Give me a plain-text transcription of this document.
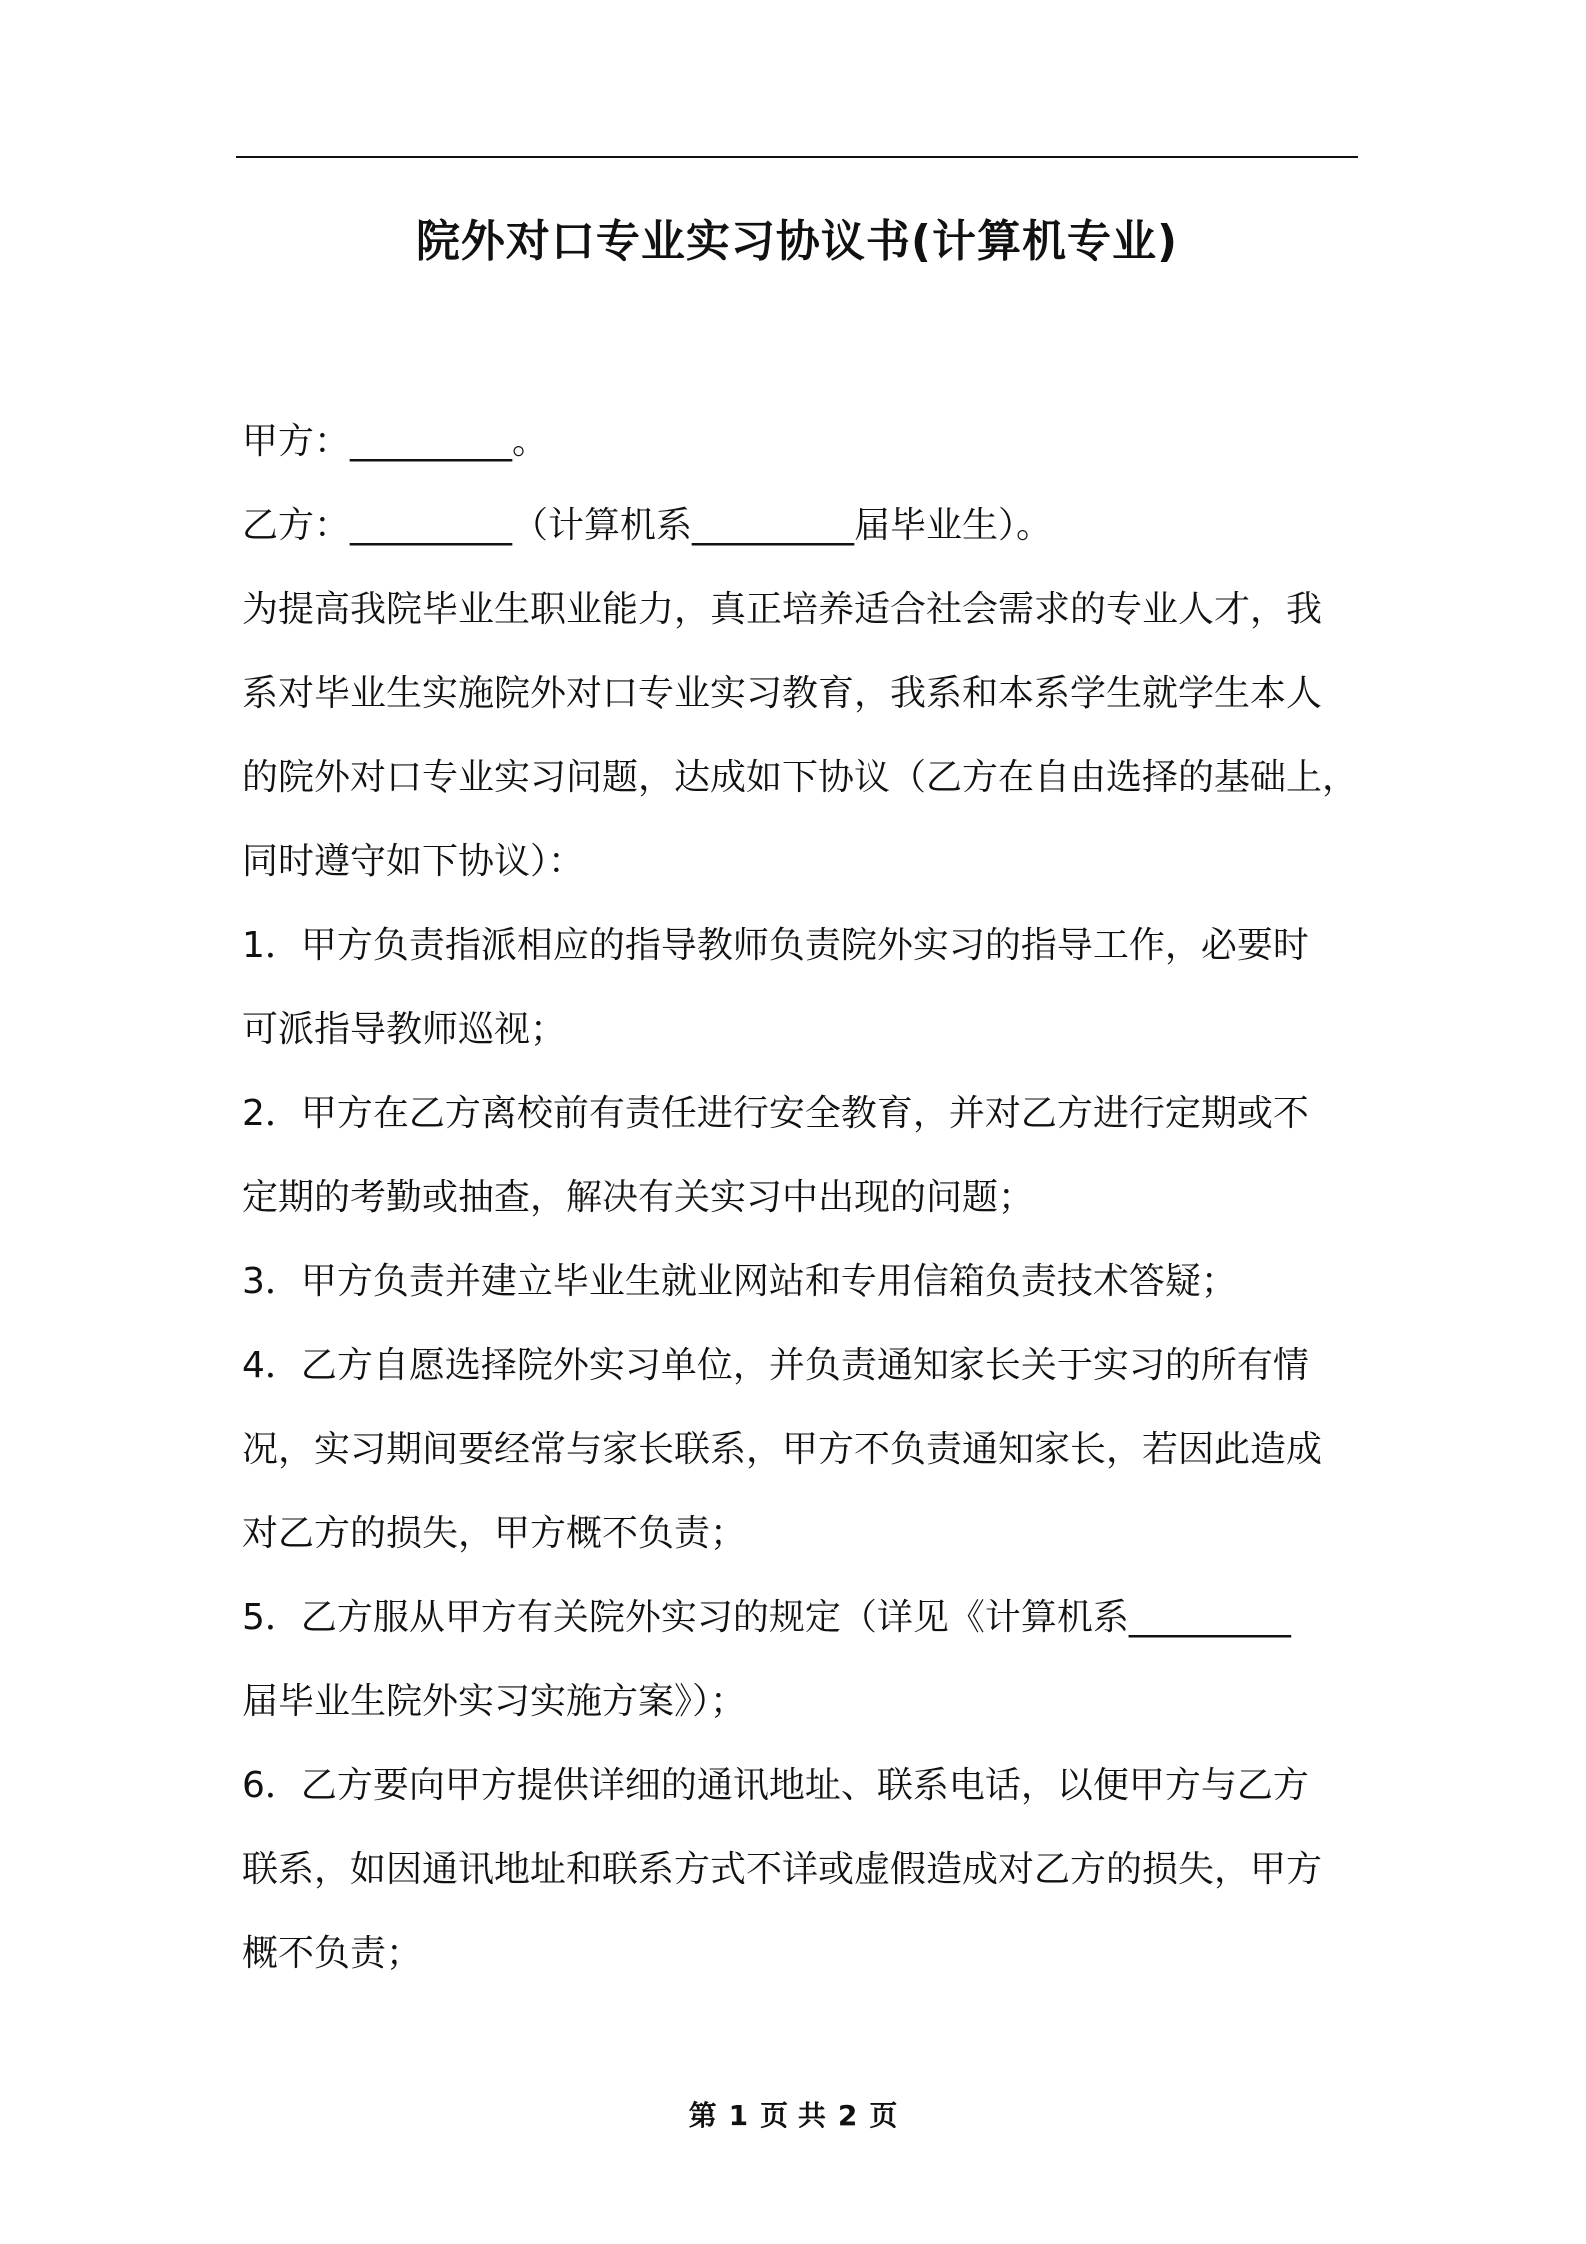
院外对口专业实习协议书(计算机专业)
甲方：_________。
乙方：_________（计算机系_________届毕业生）。
为提高我院毕业生职业能力，真正培养适合社会需求的专业人才，我
系对毕业生实施院外对口专业实习教育，我系和本系学生就学生本人
的院外对口专业实习问题，达成如下协议（乙方在自由选择的基础上，
同时遵守如下协议）：
1．甲方负责指派相应的指导教师负责院外实习的指导工作，必要时
可派指导教师巡视；
2．甲方在乙方离校前有责任进行安全教育，并对乙方进行定期或不
定期的考勤或抽查，解决有关实习中出现的问题；
3．甲方负责并建立毕业生就业网站和专用信箱负责技术答疑；
4．乙方自愿选择院外实习单位，并负责通知家长关于实习的所有情
况，实习期间要经常与家长联系，甲方不负责通知家长，若因此造成
对乙方的损失，甲方概不负责；
5．乙方服从甲方有关院外实习的规定（详见《计算机系_________
届毕业生院外实习实施方案》）；
6．乙方要向甲方提供详细的通讯地址、联系电话，以便甲方与乙方
联系，如因通讯地址和联系方式不详或虚假造成对乙方的损失，甲方
概不负责；
第 1 页 共 2 页
